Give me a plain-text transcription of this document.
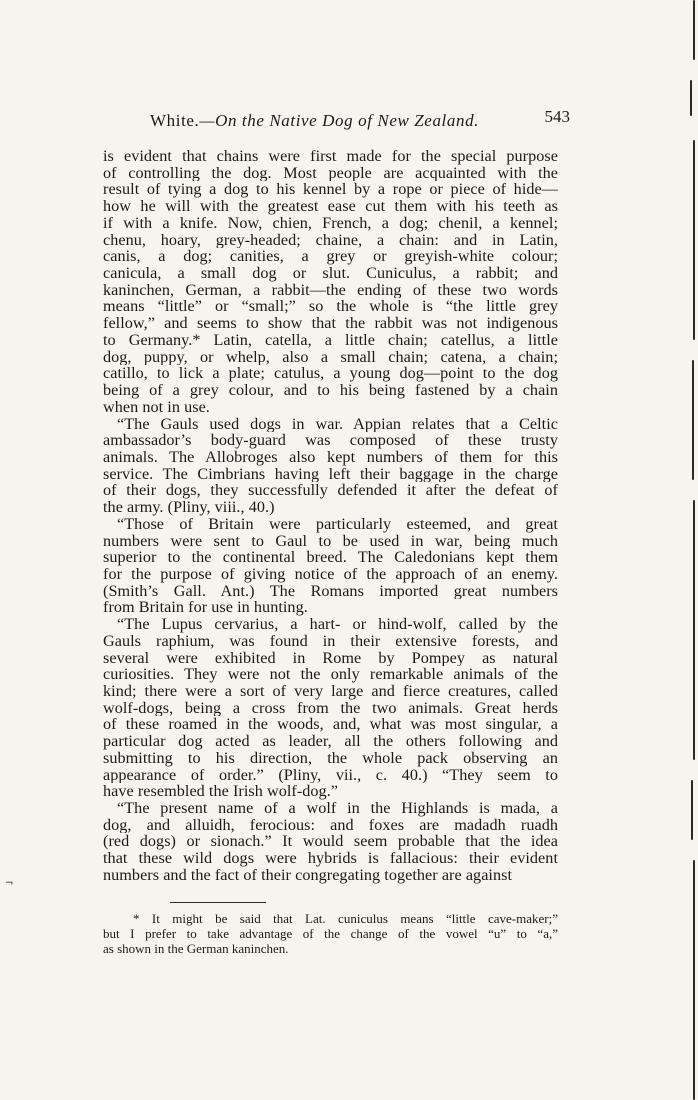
White.—On the Native Dog of New Zealand.	543
is evident that chains were first made for the special purpose
of controlling the dog. Most people are acquainted with the
result of tying a dog to his kennel by a rope or piece of hide—
how he will with the greatest ease cut them with his teeth as
if with a knife. Now, chien, French, a dog; chenil, a kennel;
chenu, hoary, grey-headed; chaine, a chain: and in Latin,
canis, a dog; canities, a grey or greyish-white colour;
canicula, a small dog or slut. Cuniculus, a rabbit; and
kaninchen, German, a rabbit—the ending of these two words
means “little” or “small;” so the whole is “the little grey
fellow,” and seems to show that the rabbit was not indigenous
to Germany.* Latin, catella, a little chain; catellus, a little
dog, puppy, or whelp, also a small chain; catena, a chain;
catillo, to lick a plate; catulus, a young dog—point to the dog
being of a grey colour, and to his being fastened by a chain
when not in use.
“The Gauls used dogs in war. Appian relates that a Celtic
ambassador’s body-guard was composed of these trusty
animals. The Allobroges also kept numbers of them for this
service. The Cimbrians having left their baggage in the charge
of their dogs, they successfully defended it after the defeat of
the army. (Pliny, viii., 40.)
“Those of Britain were particularly esteemed, and great
numbers were sent to Gaul to be used in war, being much
superior to the continental breed. The Caledonians kept them
for the purpose of giving notice of the approach of an enemy.
(Smith’s Gall. Ant.) The Romans imported great numbers
from Britain for use in hunting.
“The Lupus cervarius, a hart- or hind-wolf, called by the
Gauls raphium, was found in their extensive forests, and
several were exhibited in Rome by Pompey as natural
curiosities. They were not the only remarkable animals of the
kind; there were a sort of very large and fierce creatures, called
wolf-dogs, being a cross from the two animals. Great herds
of these roamed in the woods, and, what was most singular, a
particular dog acted as leader, all the others following and
submitting to his direction, the whole pack observing an
appearance of order.” (Pliny, vii., c. 40.) “They seem to
have resembled the Irish wolf-dog.”
“The present name of a wolf in the Highlands is mada, a
dog, and alluidh, ferocious: and foxes are madadh ruadh
(red dogs) or sionach.” It would seem probable that the idea
that these wild dogs were hybrids is fallacious: their evident
numbers and the fact of their congregating together are against
* It might be said that Lat. cuniculus means “little cave-maker;”
but I prefer to take advantage of the change of the vowel “u” to “a,”
as shown in the German kaninchen.
¬
